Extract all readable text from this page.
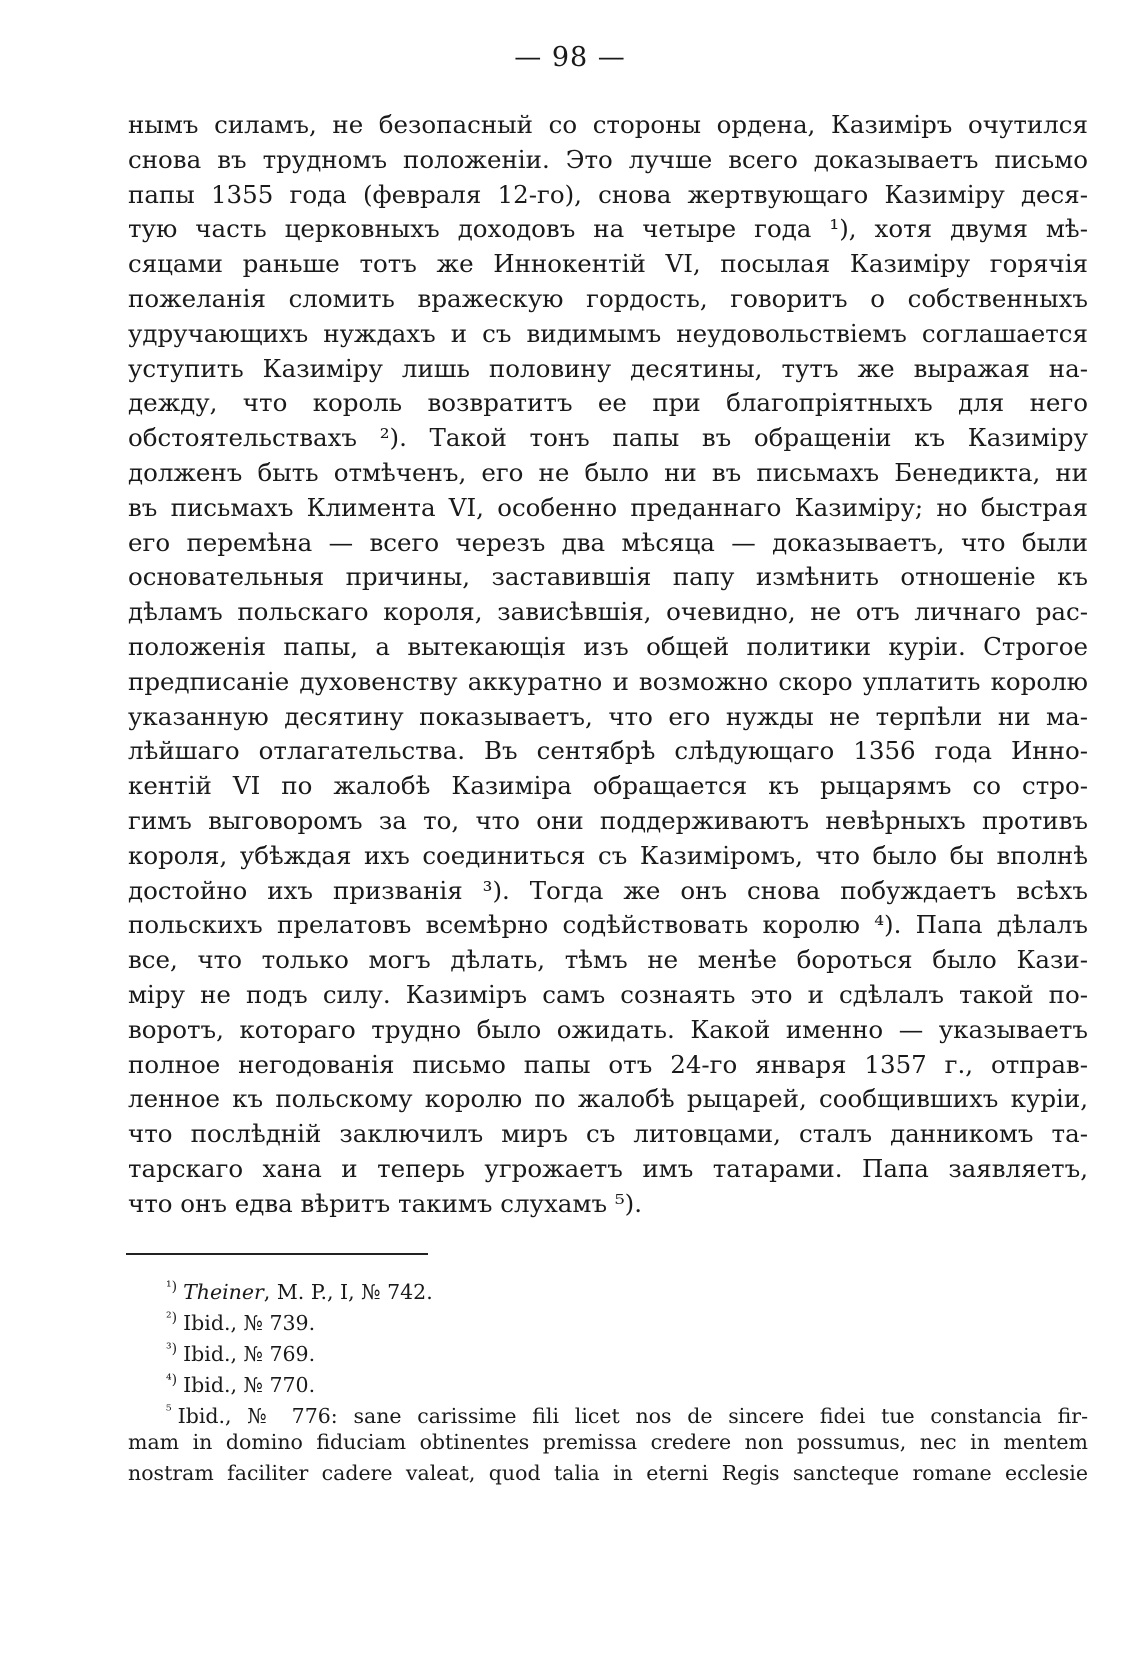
— 98 —
нымъ силамъ, не безопасный со стороны ордена, Казиміръ очутился
снова въ трудномъ положеніи. Это лучше всего доказываетъ письмо
папы 1355 года (февраля 12-го), снова жертвующаго Казиміру деся-
тую часть церковныхъ доходовъ на четыре года ¹), хотя двумя мѣ-
сяцами раньше тотъ же Иннокентій VI, посылая Казиміру горячія
пожеланія сломить вражескую гордость, говоритъ о собственныхъ
удручающихъ нуждахъ и съ видимымъ неудовольствіемъ соглашается
уступить Казиміру лишь половину десятины, тутъ же выражая на-
дежду, что король возвратитъ ее при благопріятныхъ для него
обстоятельствахъ ²). Такой тонъ папы въ обращеніи къ Казиміру
долженъ быть отмѣченъ, его не было ни въ письмахъ Бенедикта, ни
въ письмахъ Климента VI, особенно преданнаго Казиміру; но быстрая
его перемѣна — всего черезъ два мѣсяца — доказываетъ, что были
основательныя причины, заставившія папу измѣнить отношеніе къ
дѣламъ польскаго короля, зависѣвшія, очевидно, не отъ личнаго рас-
положенія папы, а вытекающія изъ общей политики куріи. Строгое
предписаніе духовенству аккуратно и возможно скоро уплатить королю
указанную десятину показываетъ, что его нужды не терпѣли ни ма-
лѣйшаго отлагательства. Въ сентябрѣ слѣдующаго 1356 года Инно-
кентій VI по жалобѣ Казиміра обращается къ рыцарямъ со стро-
гимъ выговоромъ за то, что они поддерживаютъ невѣрныхъ противъ
короля, убѣждая ихъ соединиться съ Казиміромъ, что было бы вполнѣ
достойно ихъ призванія ³). Тогда же онъ снова побуждаетъ всѣхъ
польскихъ прелатовъ всемѣрно содѣйствовать королю ⁴). Папа дѣлалъ
все, что только могъ дѣлать, тѣмъ не менѣе бороться было Кази-
міру не подъ силу. Казиміръ самъ сознаять это и сдѣлалъ такой по-
воротъ, котораго трудно было ожидать. Какой именно — указываетъ
полное негодованія письмо папы отъ 24-го января 1357 г., отправ-
ленное къ польскому королю по жалобѣ рыцарей, сообщившихъ куріи,
что послѣдній заключилъ миръ съ литовцами, сталъ данникомъ та-
тарскаго хана и теперь угрожаетъ имъ татарами. Папа заявляетъ,
что онъ едва вѣритъ такимъ слухамъ ⁵).
$^{^1)}$ Theiner, M. P., I, № 742.
$^{^2)}$ Ibid., № 739.
$^{^3)}$ Ibid., № 769.
$^{^4)}$ Ibid., № 770.
$^{^5}$ Ibid., № 776: sane carissime fili licet nos de sincere fidei tue constancia fir-
mam in domino fiduciam obtinentes premissa credere non possumus, nec in mentem
nostram faciliter cadere valeat, quod talia in eterni Regis sancteque romane ecclesie
